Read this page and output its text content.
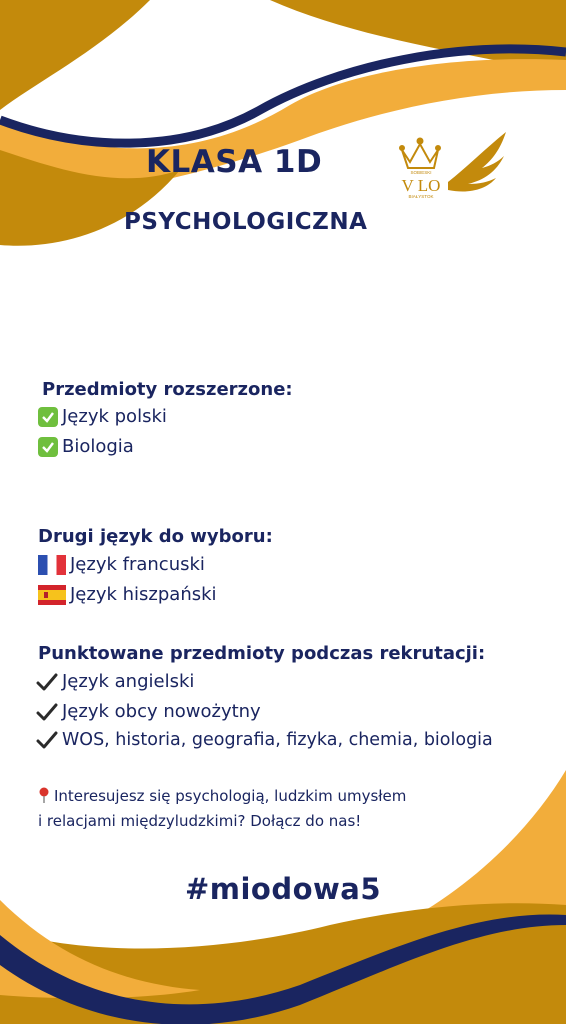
KLASA 1D
PSYCHOLOGICZNA
SOBIESKI
V LO
BIAŁYSTOK
Przedmioty rozszerzone:
Język polski
Biologia
Drugi język do wyboru:
Język francuski
Język hiszpański
Punktowane przedmioty podczas rekrutacji:
Język angielski
Język obcy nowożytny
WOS, historia, geografia, fizyka, chemia, biologia
Interesujesz się psychologią, ludzkim umysłem
i relacjami międzyludzkimi? Dołącz do nas!
#miodowa5
